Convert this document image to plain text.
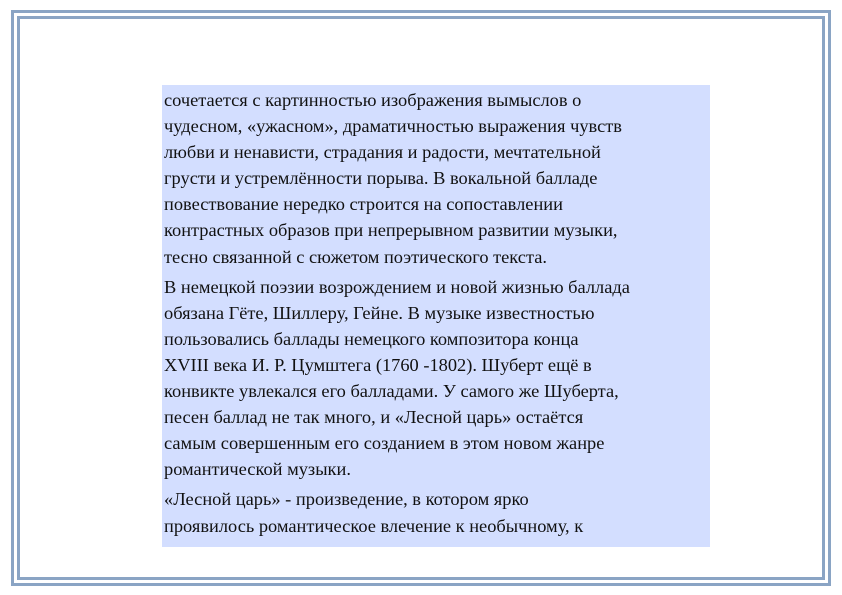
сочетается с картинностью изображения вымыслов о
чудесном, «ужасном», драматичностью выражения чувств
любви и ненависти, страдания и радости, мечтательной
грусти и устремлённости порыва. В вокальной балладе
повествование нередко строится на сопоставлении
контрастных образов при непрерывном развитии музыки,
тесно связанной с сюжетом поэтического текста.

В немецкой поэзии возрождением и новой жизнью баллада
обязана Гёте, Шиллеру, Гейне. В музыке известностью
пользовались баллады немецкого композитора конца
XVIII века И. Р. Цумштега (1760 -1802). Шуберт ещё в
конвикте увлекался его балладами. У самого же Шуберта,
песен баллад не так много, и «Лесной царь» остаётся
самым совершенным его созданием в этом новом жанре
романтической музыки.

«Лесной царь» - произведение, в котором ярко
проявилось романтическое влечение к необычному, к
